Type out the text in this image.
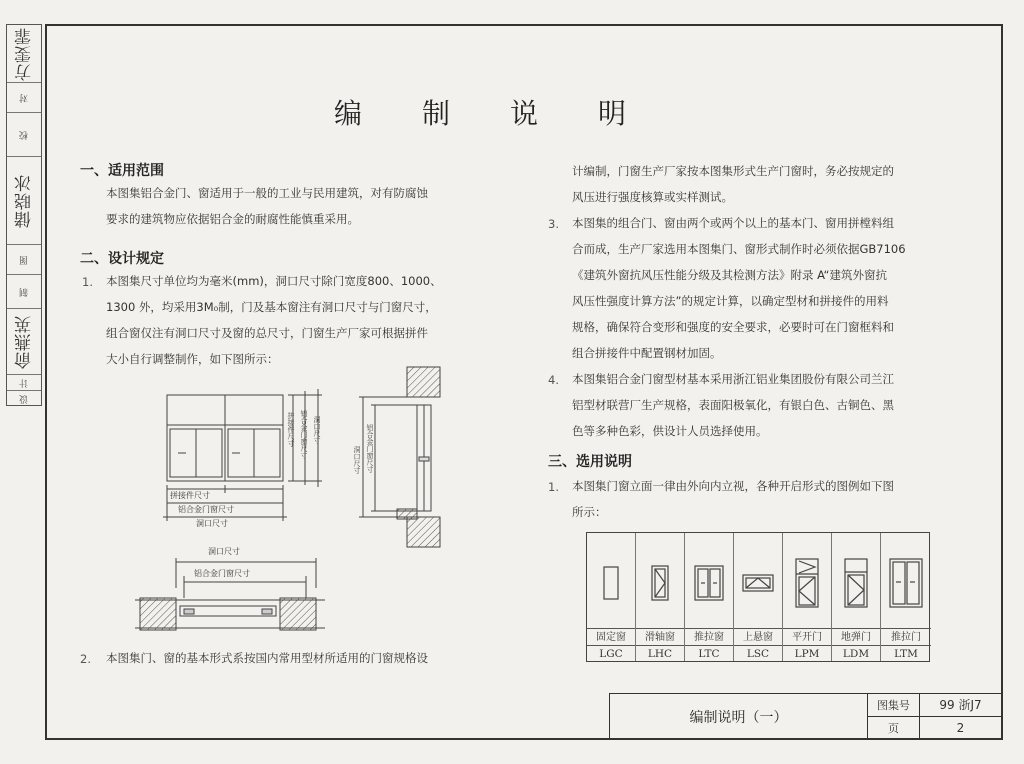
方雯霏
对
校
储晓冰
图
制
俞燕英
计
设
编制说明
一、适用范围
本图集铝合金门、窗适用于一般的工业与民用建筑，对有防腐蚀
要求的建筑物应依据铝合金的耐腐性能慎重采用。
二、设计规定
1. 本图集尺寸单位均为毫米(mm)，洞口尺寸除门宽度800、1000、
1300 外，均采用3M₀制，门及基本窗注有洞口尺寸与门窗尺寸，
组合窗仅注有洞口尺寸及窗的总尺寸，门窗生产厂家可根据拼件
大小自行调整制作，如下图所示：
拼接件尺寸
铝合金门窗尺寸
洞口尺寸
拼接件尺寸 铝合金门窗尺寸 洞口尺寸
洞口尺寸 铝合金门窗尺寸
洞口尺寸
铝合金门窗尺寸
2. 本图集门、窗的基本形式系按国内常用型材所适用的门窗规格设
计编制，门窗生产厂家按本图集形式生产门窗时，务必按规定的
风压进行强度核算或实样测试。
3. 本图集的组合门、窗由两个或两个以上的基本门、窗用拼樘料组
合而成，生产厂家选用本图集门、窗形式制作时必须依据GB7106
《建筑外窗抗风压性能分级及其检测方法》附录 A“建筑外窗抗
风压性强度计算方法”的规定计算，以确定型材和拼接件的用料
规格，确保符合变形和强度的安全要求，必要时可在门窗框料和
组合拼接件中配置钢材加固。
4. 本图集铝合金门窗型材基本采用浙江铝业集团股份有限公司兰江
铝型材联营厂生产规格，表面阳极氧化，有银白色、古铜色、黑
色等多种色彩，供设计人员选择使用。
三、选用说明
1. 本图集门窗立面一律由外向内立视，各种开启形式的图例如下图
所示：
固定窗
LGC
滑轴窗
LHC
推拉窗
LTC
上悬窗
LSC
平开门
LPM
地弹门
LDM
推拉门
LTM
编制说明（一）
图集号	99 浙J7
页	2
